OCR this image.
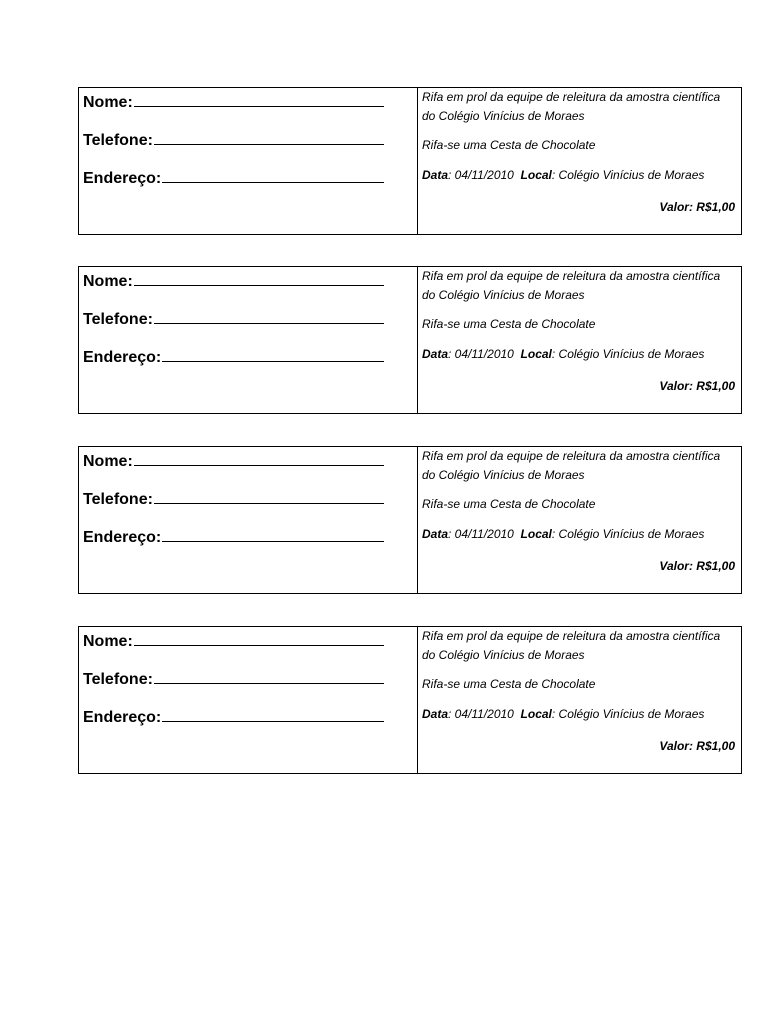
Nome:
Telefone:
Endereço:

Rifa em prol da equipe de releitura da amostra científica do Colégio Vinícius de Moraes

Rifa-se uma Cesta de Chocolate
Data: 04/11/2010 Local: Colégio Vinícius de Moraes
Valor: R$1,00
Nome:
Telefone:
Endereço:

Rifa em prol da equipe de releitura da amostra científica do Colégio Vinícius de Moraes

Rifa-se uma Cesta de Chocolate
Data: 04/11/2010 Local: Colégio Vinícius de Moraes
Valor: R$1,00
Nome:
Telefone:
Endereço:

Rifa em prol da equipe de releitura da amostra científica do Colégio Vinícius de Moraes

Rifa-se uma Cesta de Chocolate
Data: 04/11/2010 Local: Colégio Vinícius de Moraes
Valor: R$1,00
Nome:
Telefone:
Endereço:

Rifa em prol da equipe de releitura da amostra científica do Colégio Vinícius de Moraes

Rifa-se uma Cesta de Chocolate
Data: 04/11/2010 Local: Colégio Vinícius de Moraes
Valor: R$1,00
